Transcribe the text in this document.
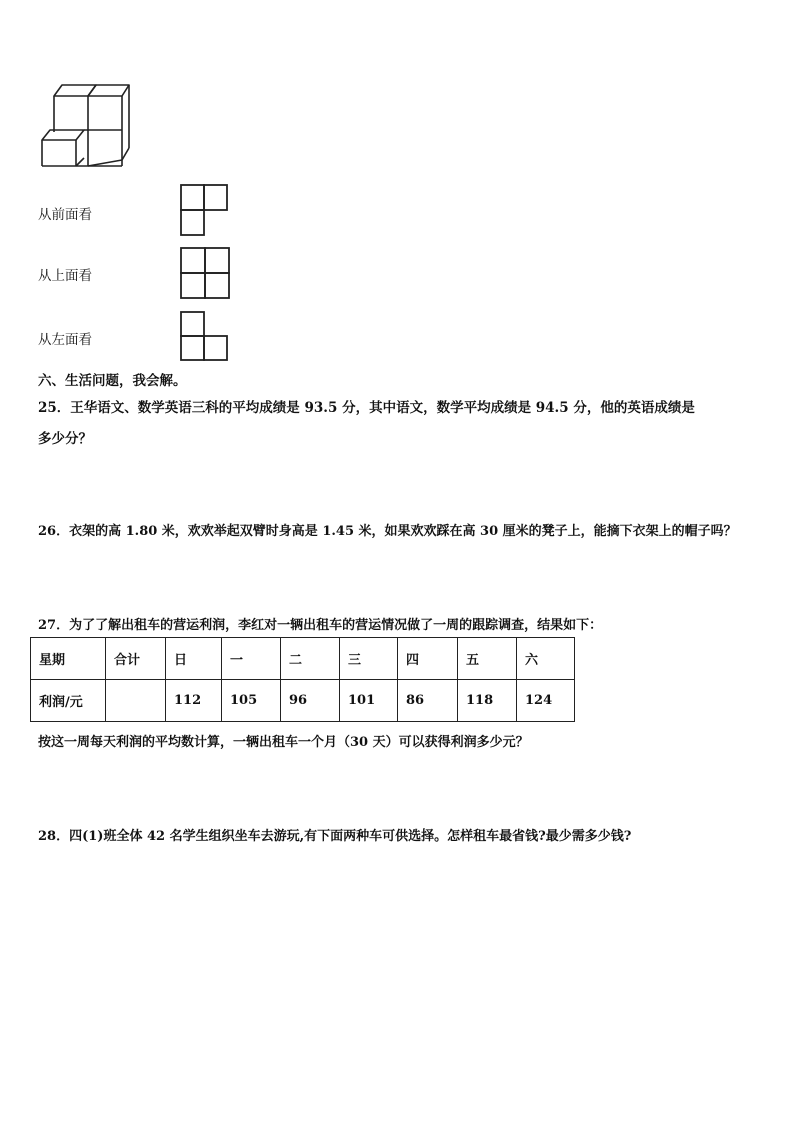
从前面看
从上面看
从左面看
六、生活问题，我会解。
25．王华语文、数学英语三科的平均成绩是 93.5 分，其中语文，数学平均成绩是 94.5 分，他的英语成绩是
多少分？
26．衣架的高 1.80 米，欢欢举起双臂时身高是 1.45 米，如果欢欢踩在高 30 厘米的凳子上，能摘下衣架上的帽子吗？
27．为了了解出租车的营运利润，李红对一辆出租车的营运情况做了一周的跟踪调查，结果如下：
星期	合计	日	一	二	三	四	五	六
利润/元		112	105	96	101	86	118	124
按这一周每天利润的平均数计算，一辆出租车一个月（30 天）可以获得利润多少元？
28．四(1)班全体 42 名学生组织坐车去游玩,有下面两种车可供选择。怎样租车最省钱?最少需多少钱?
